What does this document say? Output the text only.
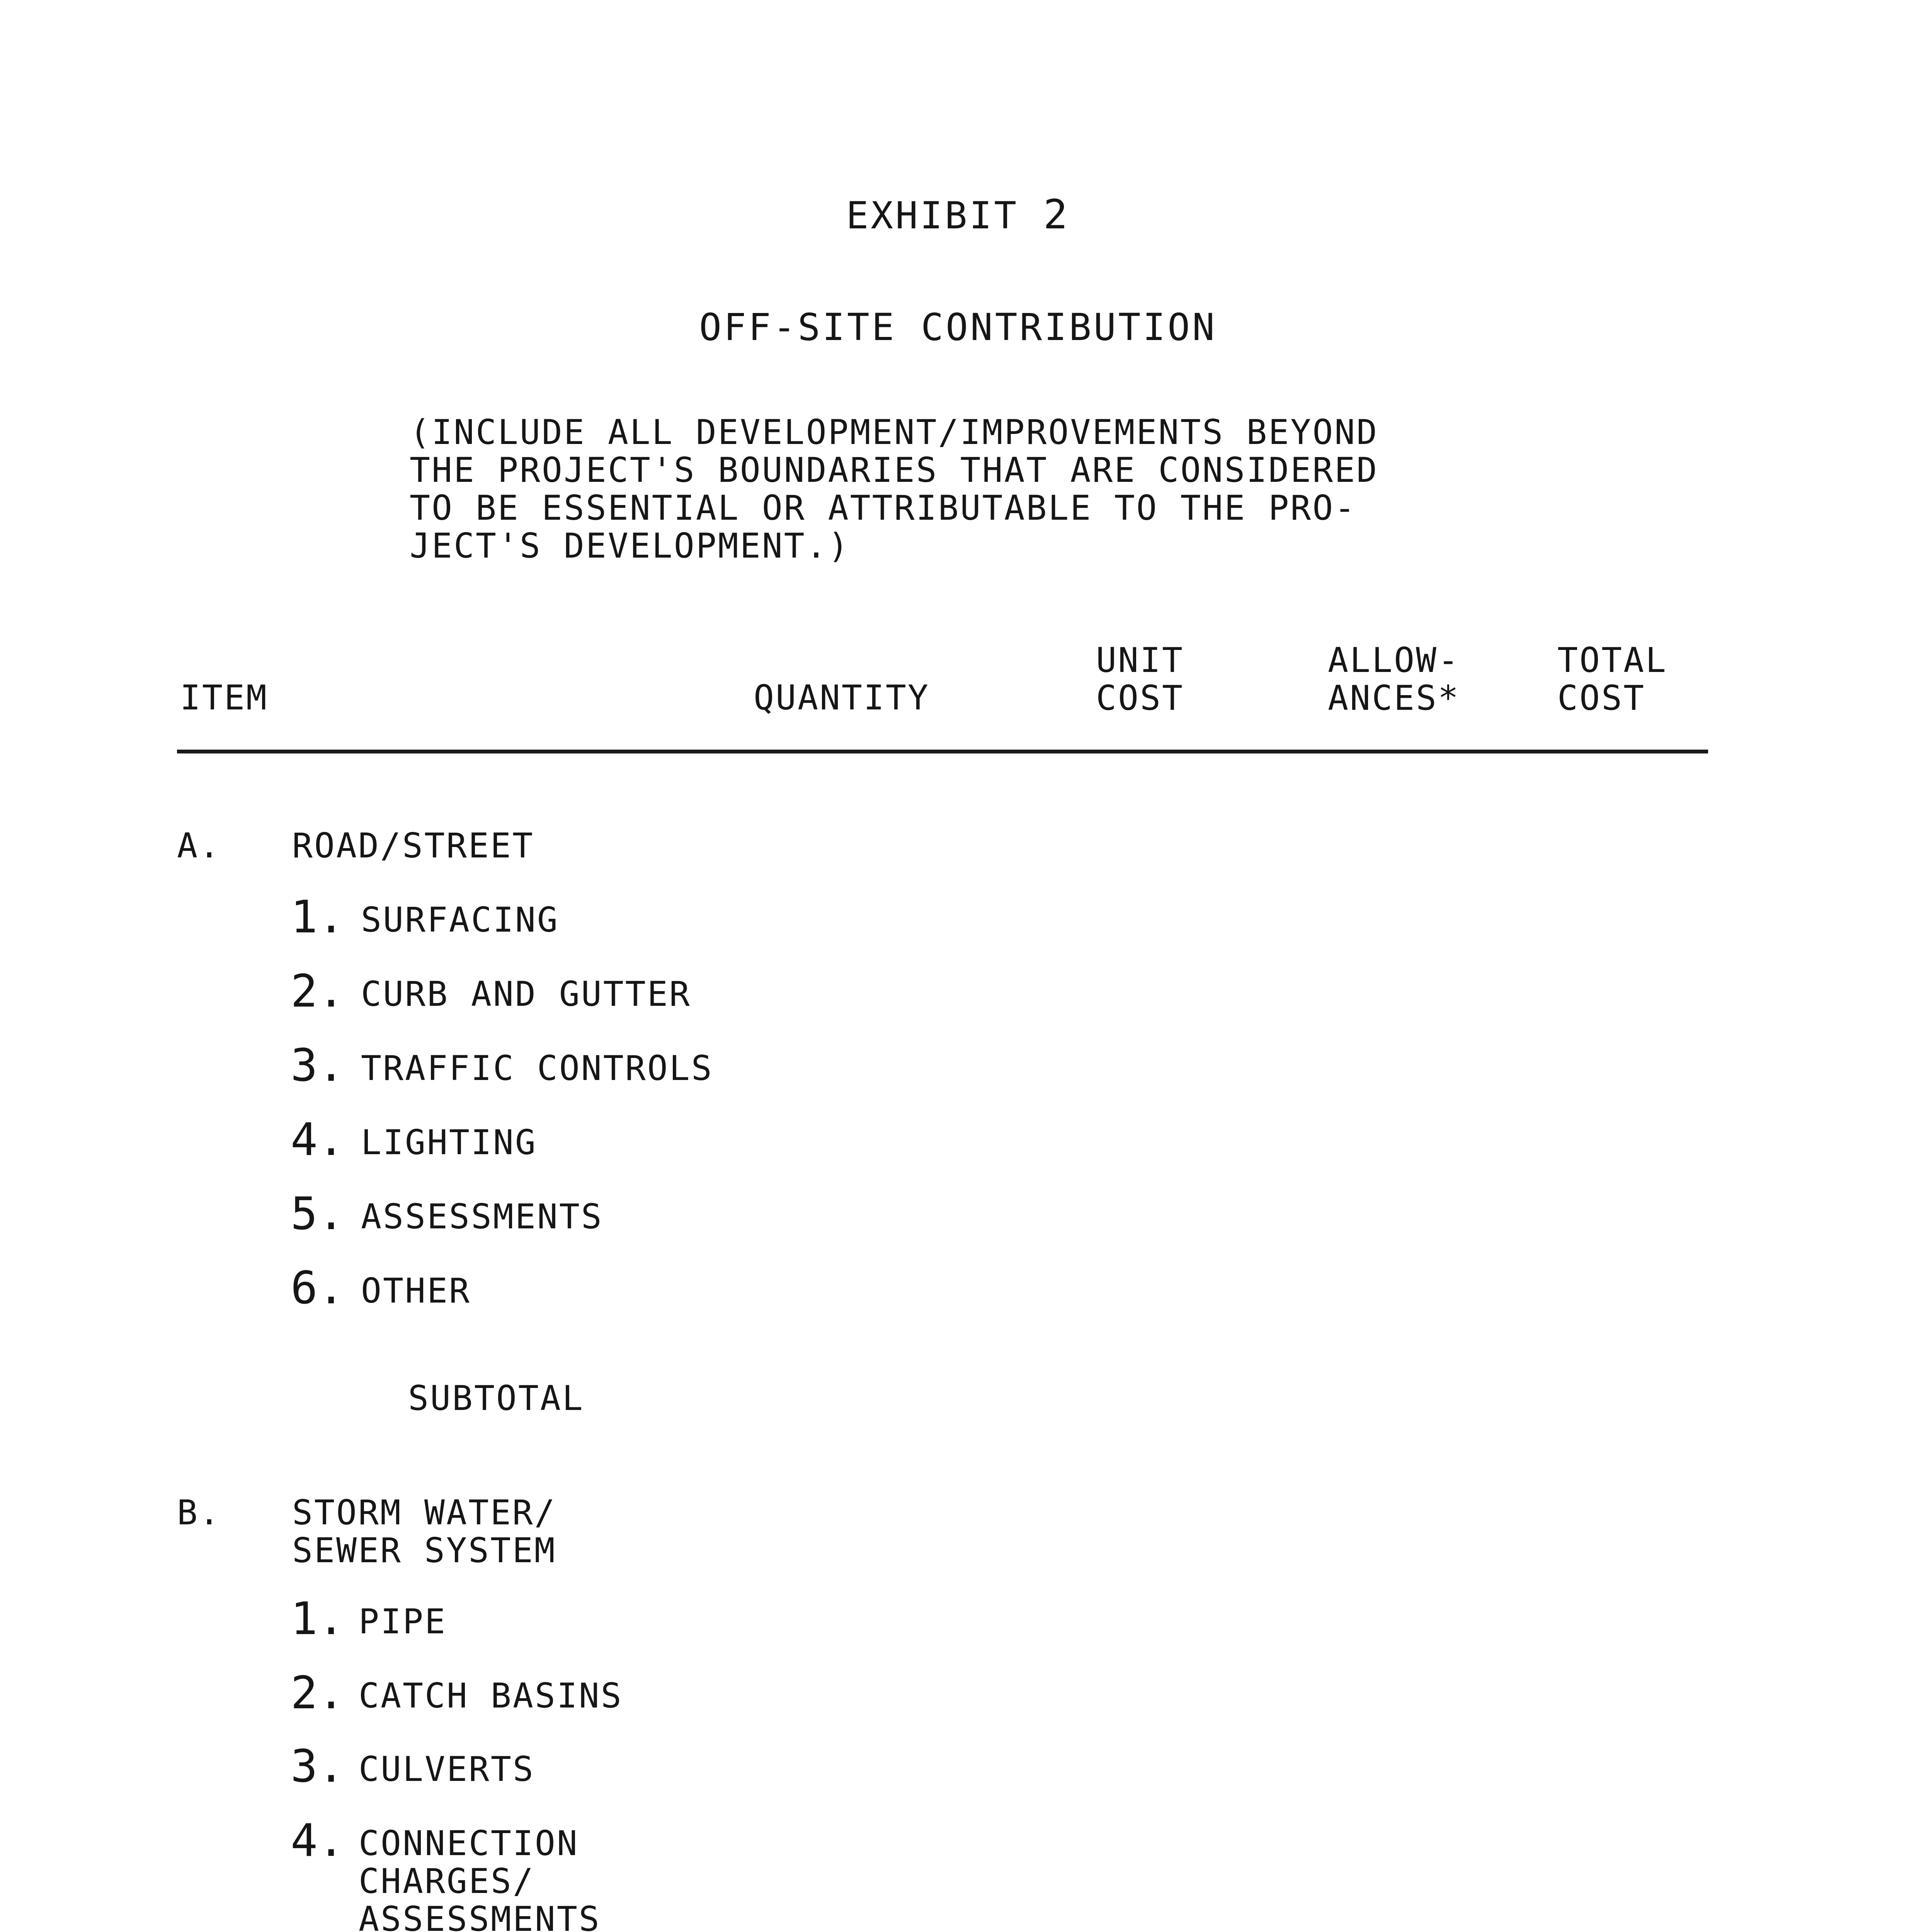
EXHIBIT 2
OFF-SITE CONTRIBUTION
(INCLUDE ALL DEVELOPMENT/IMPROVEMENTS BEYOND
THE PROJECT'S BOUNDARIES THAT ARE CONSIDERED
TO BE ESSENTIAL OR ATTRIBUTABLE TO THE PRO-
JECT'S DEVELOPMENT.)
ITEM	QUANTITY
UNIT
COST
ALLOW-
ANCES*
TOTAL
COST
A. ROAD/STREET
1. SURFACING
2. CURB AND GUTTER
3. TRAFFIC CONTROLS
4. LIGHTING
5. ASSESSMENTS
6. OTHER
SUBTOTAL
B. STORM WATER/
SEWER SYSTEM
1. PIPE
2. CATCH BASINS
3. CULVERTS
4. CONNECTION
CHARGES/
ASSESSMENTS
